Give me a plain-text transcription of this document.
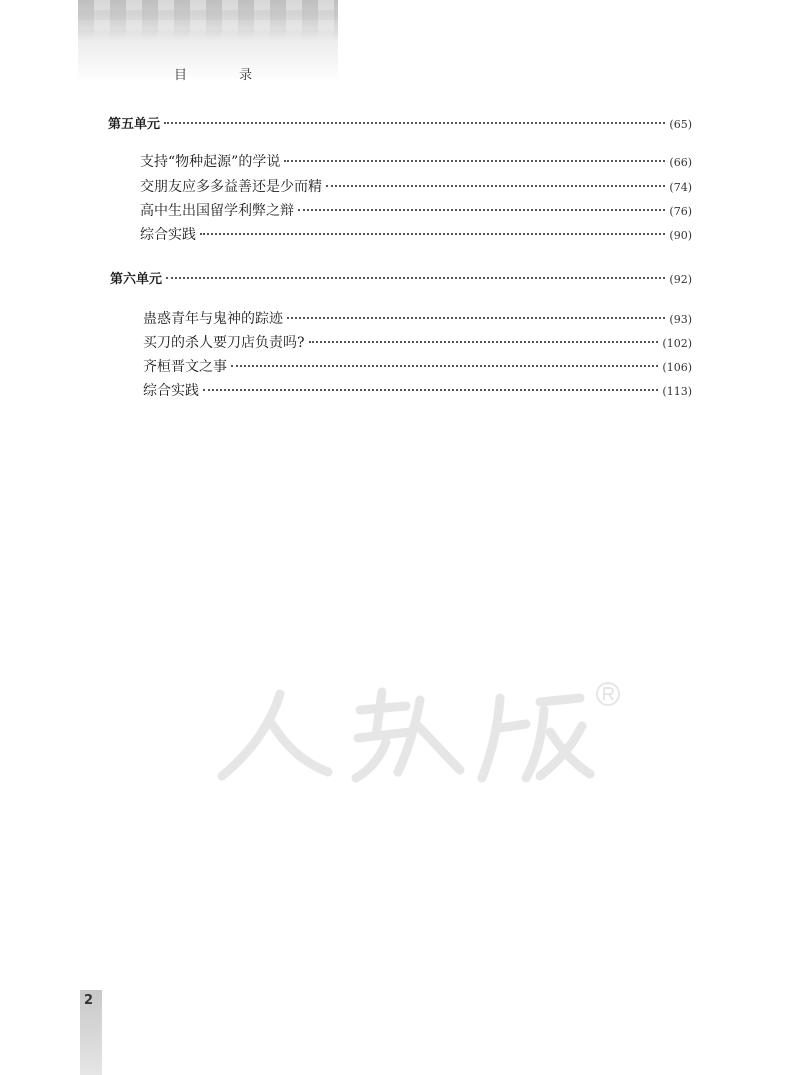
目 录
第五单元	(65)
支持“物种起源”的学说	(66)
交朋友应多多益善还是少而精	(74)
高中生出国留学利弊之辩	(76)
综合实践	(90)
第六单元	(92)
蛊惑青年与鬼神的踪迹	(93)
买刀的杀人要刀店负责吗?	(102)
齐桓晋文之事	(106)
综合实践	(113)
2
